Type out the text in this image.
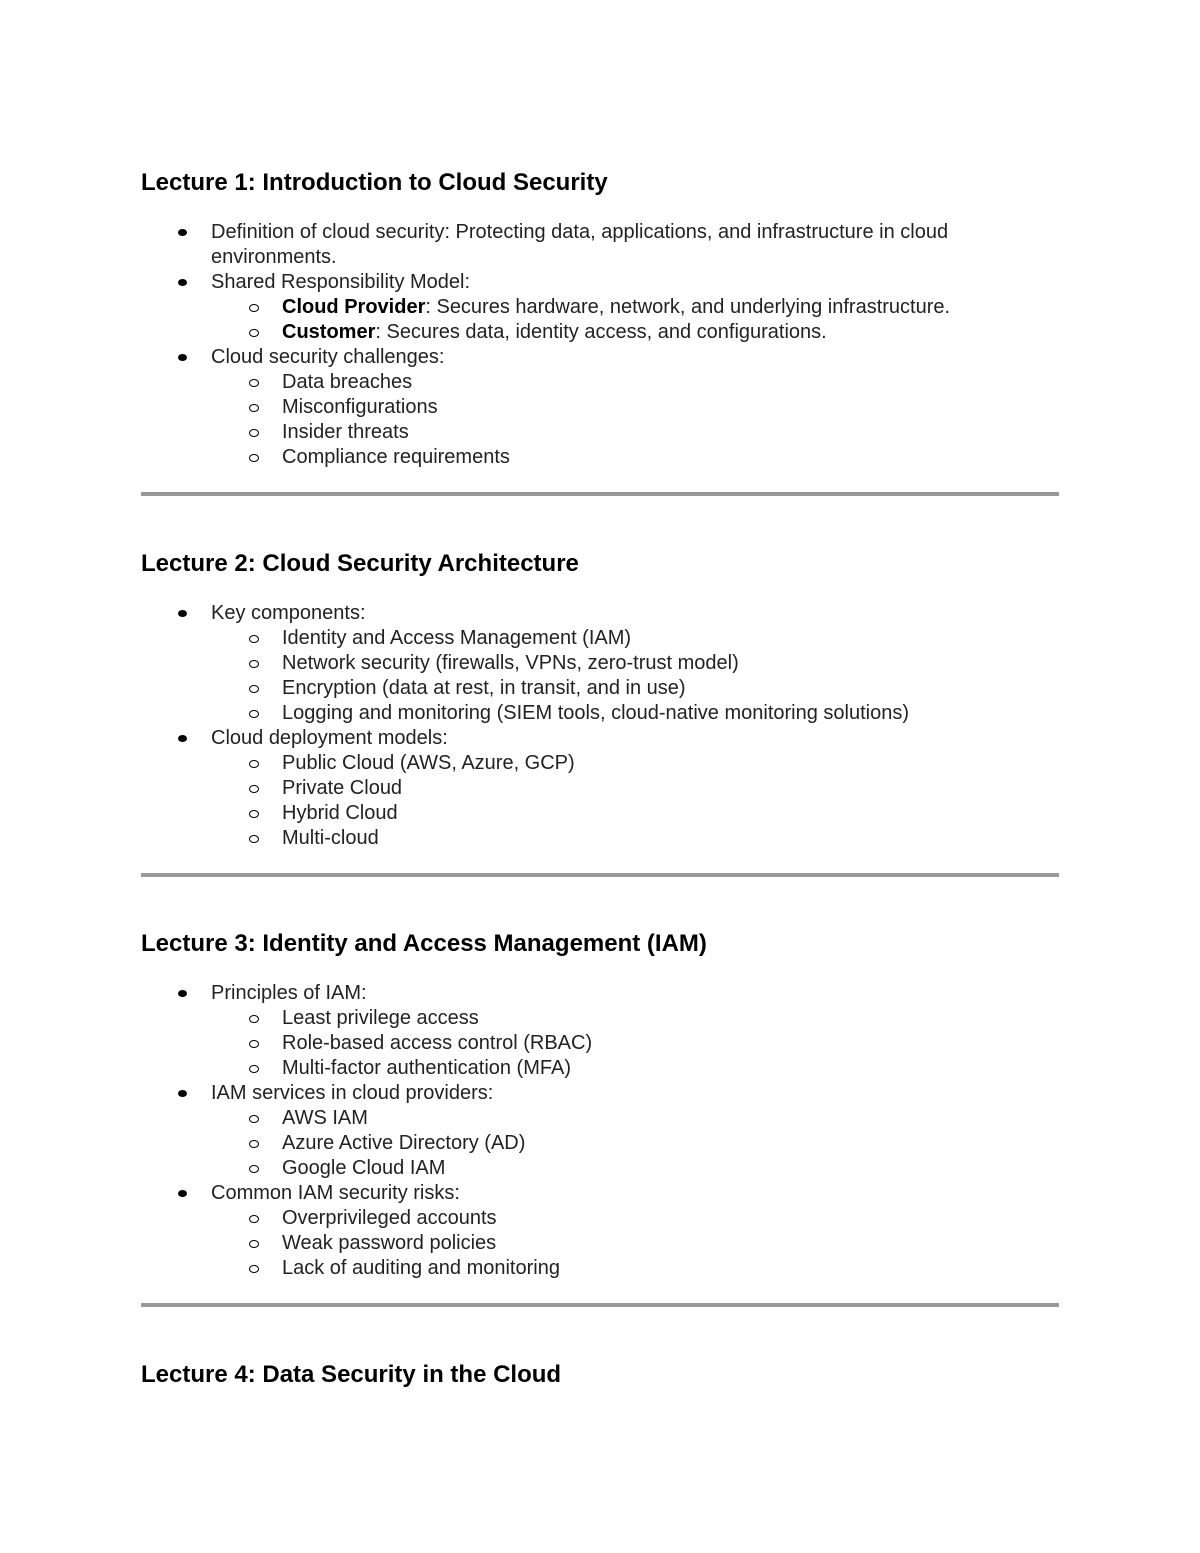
Lecture 1: Introduction to Cloud Security
Definition of cloud security: Protecting data, applications, and infrastructure in cloud environments.
Shared Responsibility Model:
Cloud Provider: Secures hardware, network, and underlying infrastructure.
Customer: Secures data, identity access, and configurations.
Cloud security challenges:
Data breaches
Misconfigurations
Insider threats
Compliance requirements
Lecture 2: Cloud Security Architecture
Key components:
Identity and Access Management (IAM)
Network security (firewalls, VPNs, zero-trust model)
Encryption (data at rest, in transit, and in use)
Logging and monitoring (SIEM tools, cloud-native monitoring solutions)
Cloud deployment models:
Public Cloud (AWS, Azure, GCP)
Private Cloud
Hybrid Cloud
Multi-cloud
Lecture 3: Identity and Access Management (IAM)
Principles of IAM:
Least privilege access
Role-based access control (RBAC)
Multi-factor authentication (MFA)
IAM services in cloud providers:
AWS IAM
Azure Active Directory (AD)
Google Cloud IAM
Common IAM security risks:
Overprivileged accounts
Weak password policies
Lack of auditing and monitoring
Lecture 4: Data Security in the Cloud
